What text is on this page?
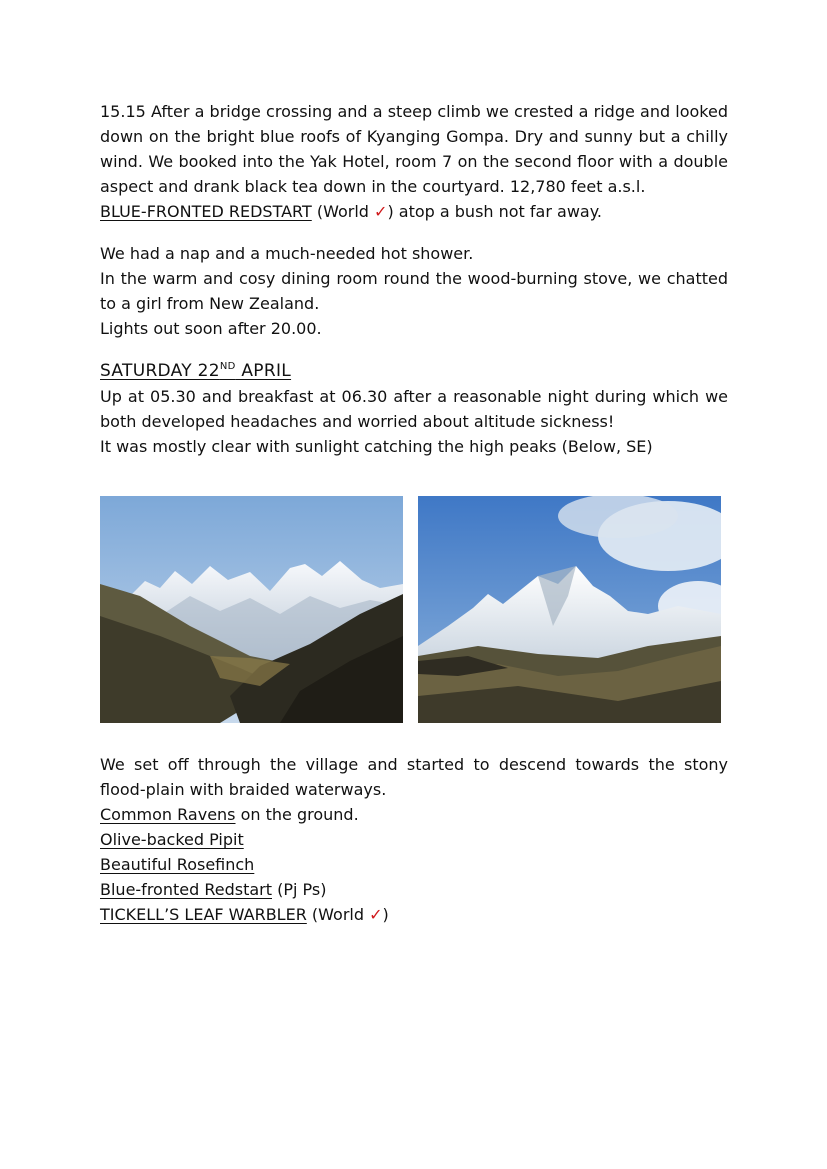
15.15 After a bridge crossing and a steep climb we crested a ridge and looked down on the bright blue roofs of Kyanging Gompa. Dry and sunny but a chilly wind. We booked into the Yak Hotel, room 7 on the second floor with a double aspect and drank black tea down in the courtyard. 12,780 feet a.s.l.
BLUE-FRONTED REDSTART (World ✓) atop a bush not far away.

We had a nap and a much-needed hot shower.
In the warm and cosy dining room round the wood-burning stove, we chatted to a girl from New Zealand.
Lights out soon after 20.00.

SATURDAY 22ND APRIL

Up at 05.30 and breakfast at 06.30 after a reasonable night during which we both developed headaches and worried about altitude sickness!
It was mostly clear with sunlight catching the high peaks (Below, SE)

We set off through the village and started to descend towards the stony flood-plain with braided waterways.

Common Ravens on the ground.
Olive-backed Pipit
Beautiful Rosefinch
Blue-fronted Redstart (Pj Ps)
TICKELL’S LEAF WARBLER (World ✓)
